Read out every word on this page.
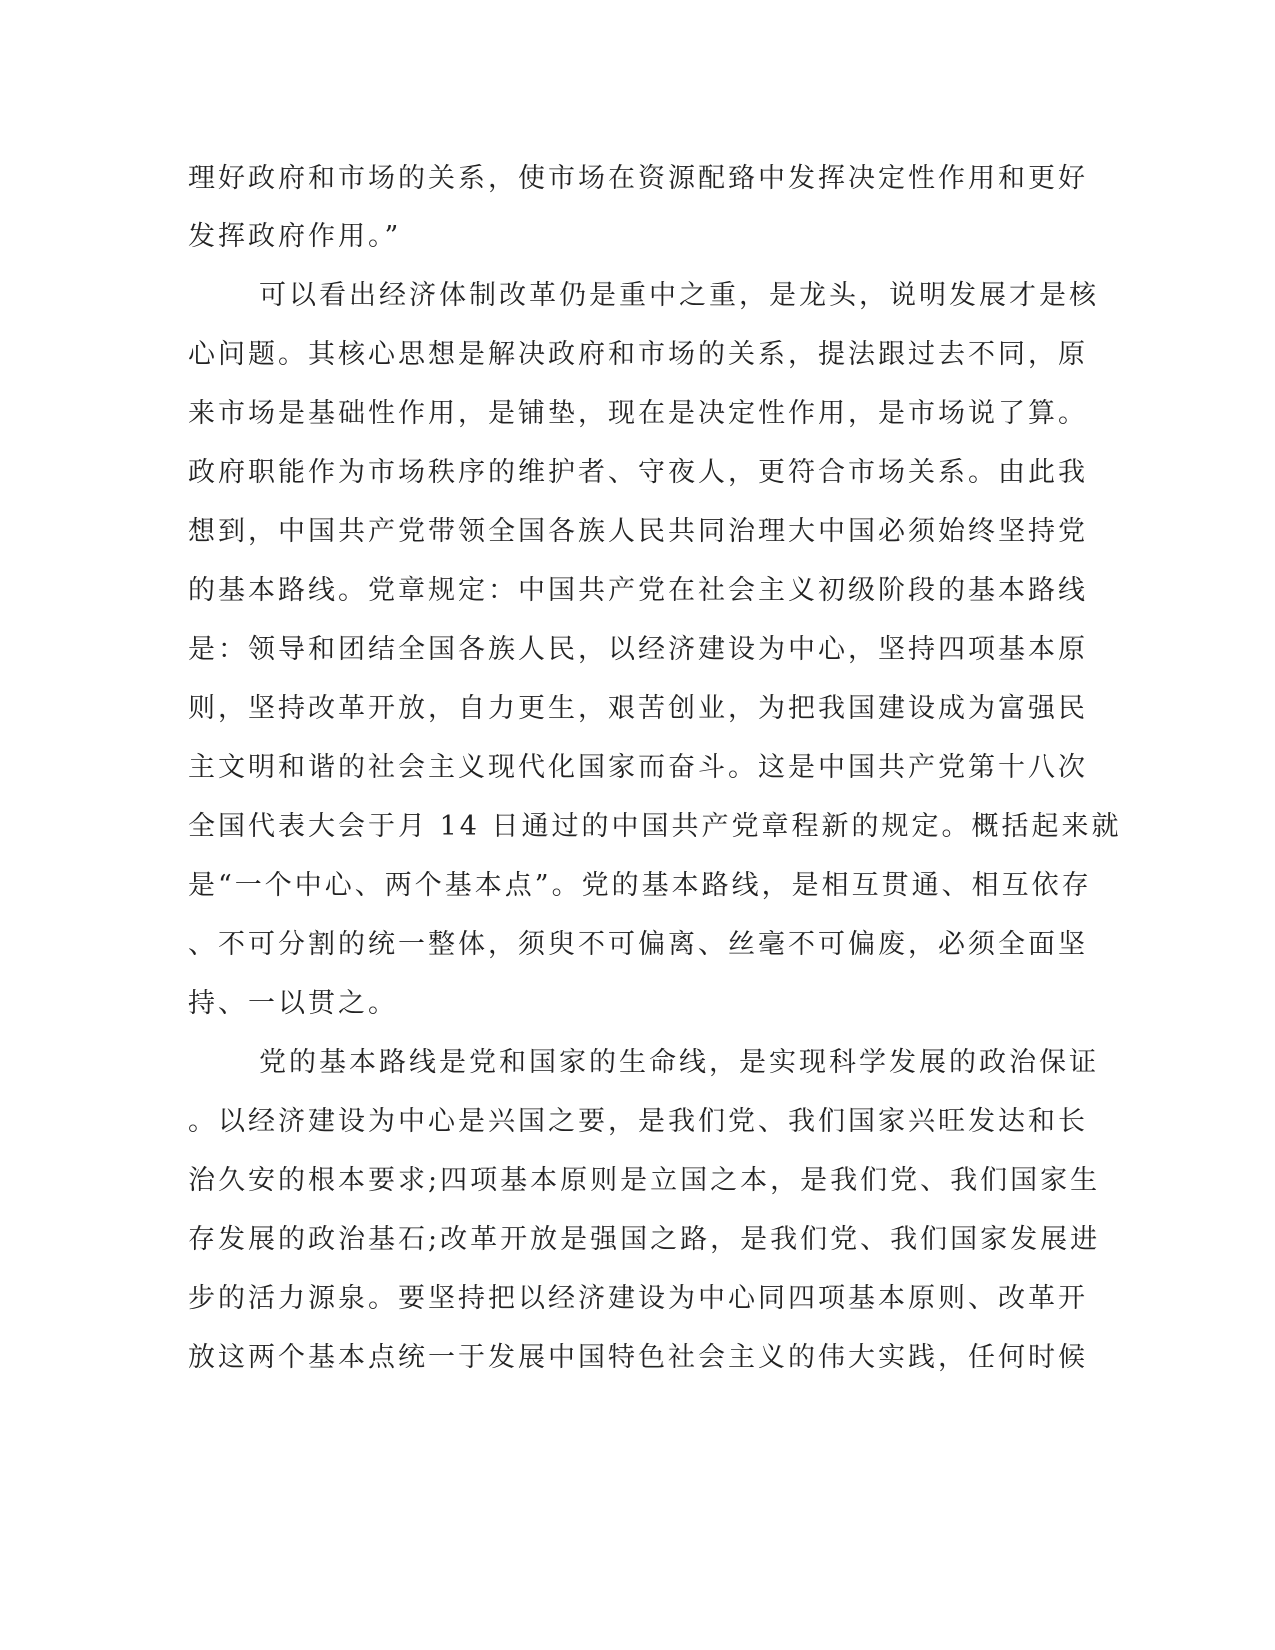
理好政府和市场的关系，使市场在资源配臵中发挥决定性作用和更好
发挥政府作用。”
可以看出经济体制改革仍是重中之重，是龙头，说明发展才是核
心问题。其核心思想是解决政府和市场的关系，提法跟过去不同，原
来市场是基础性作用，是铺垫，现在是决定性作用，是市场说了算。
政府职能作为市场秩序的维护者、守夜人，更符合市场关系。由此我
想到，中国共产党带领全国各族人民共同治理大中国必须始终坚持党
的基本路线。党章规定：中国共产党在社会主义初级阶段的基本路线
是：领导和团结全国各族人民，以经济建设为中心，坚持四项基本原
则，坚持改革开放，自力更生，艰苦创业，为把我国建设成为富强民
主文明和谐的社会主义现代化国家而奋斗。这是中国共产党第十八次
全国代表大会于月 14 日通过的中国共产党章程新的规定。概括起来就
是“一个中心、两个基本点”。党的基本路线，是相互贯通、相互依存
、不可分割的统一整体，须臾不可偏离、丝毫不可偏废，必须全面坚
持、一以贯之。
党的基本路线是党和国家的生命线，是实现科学发展的政治保证
。以经济建设为中心是兴国之要，是我们党、我们国家兴旺发达和长
治久安的根本要求;四项基本原则是立国之本，是我们党、我们国家生
存发展的政治基石;改革开放是强国之路，是我们党、我们国家发展进
步的活力源泉。要坚持把以经济建设为中心同四项基本原则、改革开
放这两个基本点统一于发展中国特色社会主义的伟大实践，任何时候
